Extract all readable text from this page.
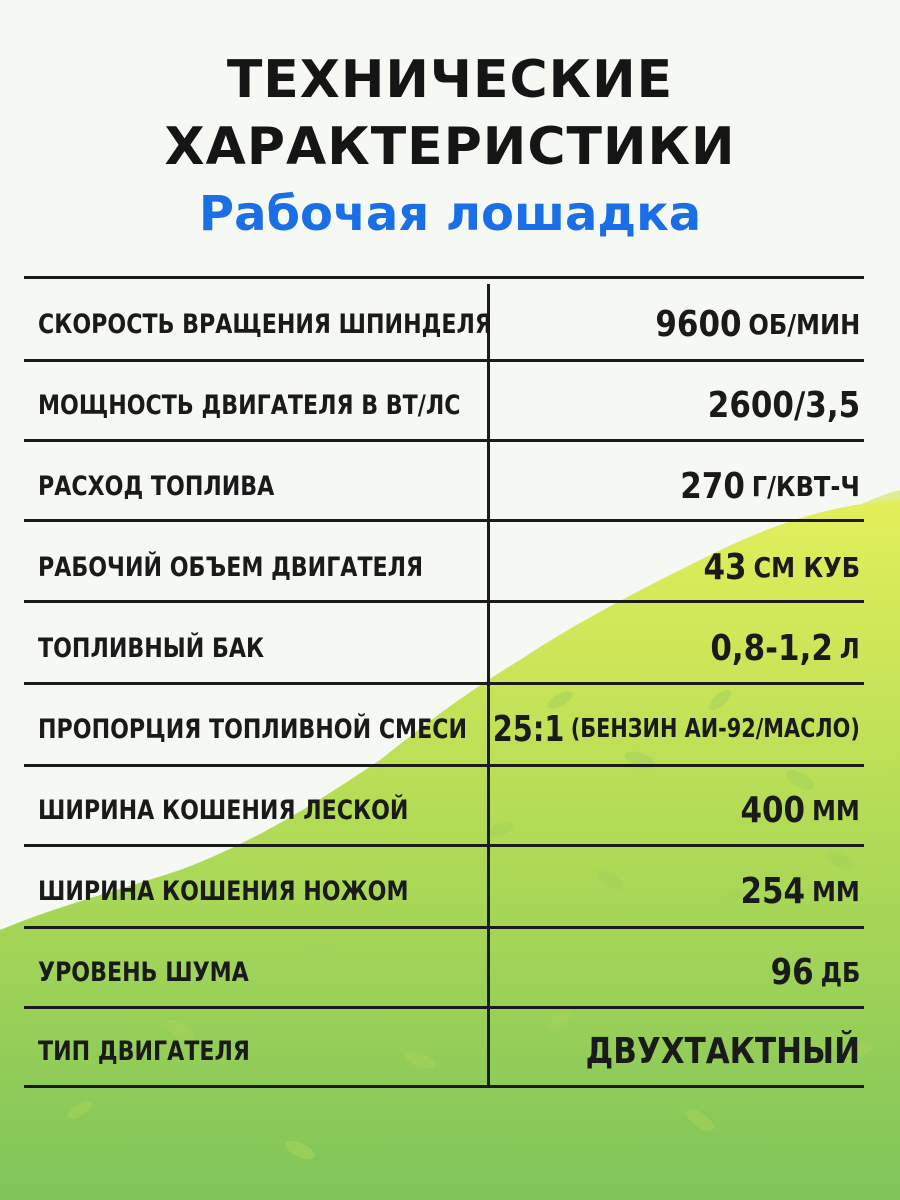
ТЕХНИЧЕСКИЕ
ХАРАКТЕРИСТИКИ
Рабочая лошадка
СКОРОСТЬ ВРАЩЕНИЯ ШПИНДЕЛЯ	9600 ОБ/МИН
МОЩНОСТЬ ДВИГАТЕЛЯ В ВТ/ЛС	2600/3,5
РАСХОД ТОПЛИВА	270 Г/КВТ-Ч
РАБОЧИЙ ОБЪЕМ ДВИГАТЕЛЯ	43 СМ КУБ
ТОПЛИВНЫЙ БАК	0,8-1,2 Л
ПРОПОРЦИЯ ТОПЛИВНОЙ СМЕСИ 25:1 (БЕНЗИН АИ-92/МАСЛО)
ШИРИНА КОШЕНИЯ ЛЕСКОЙ	400 ММ
ШИРИНА КОШЕНИЯ НОЖОМ	254 ММ
УРОВЕНЬ ШУМА	96 ДБ
ТИП ДВИГАТЕЛЯ	ДВУХТАКТНЫЙ
